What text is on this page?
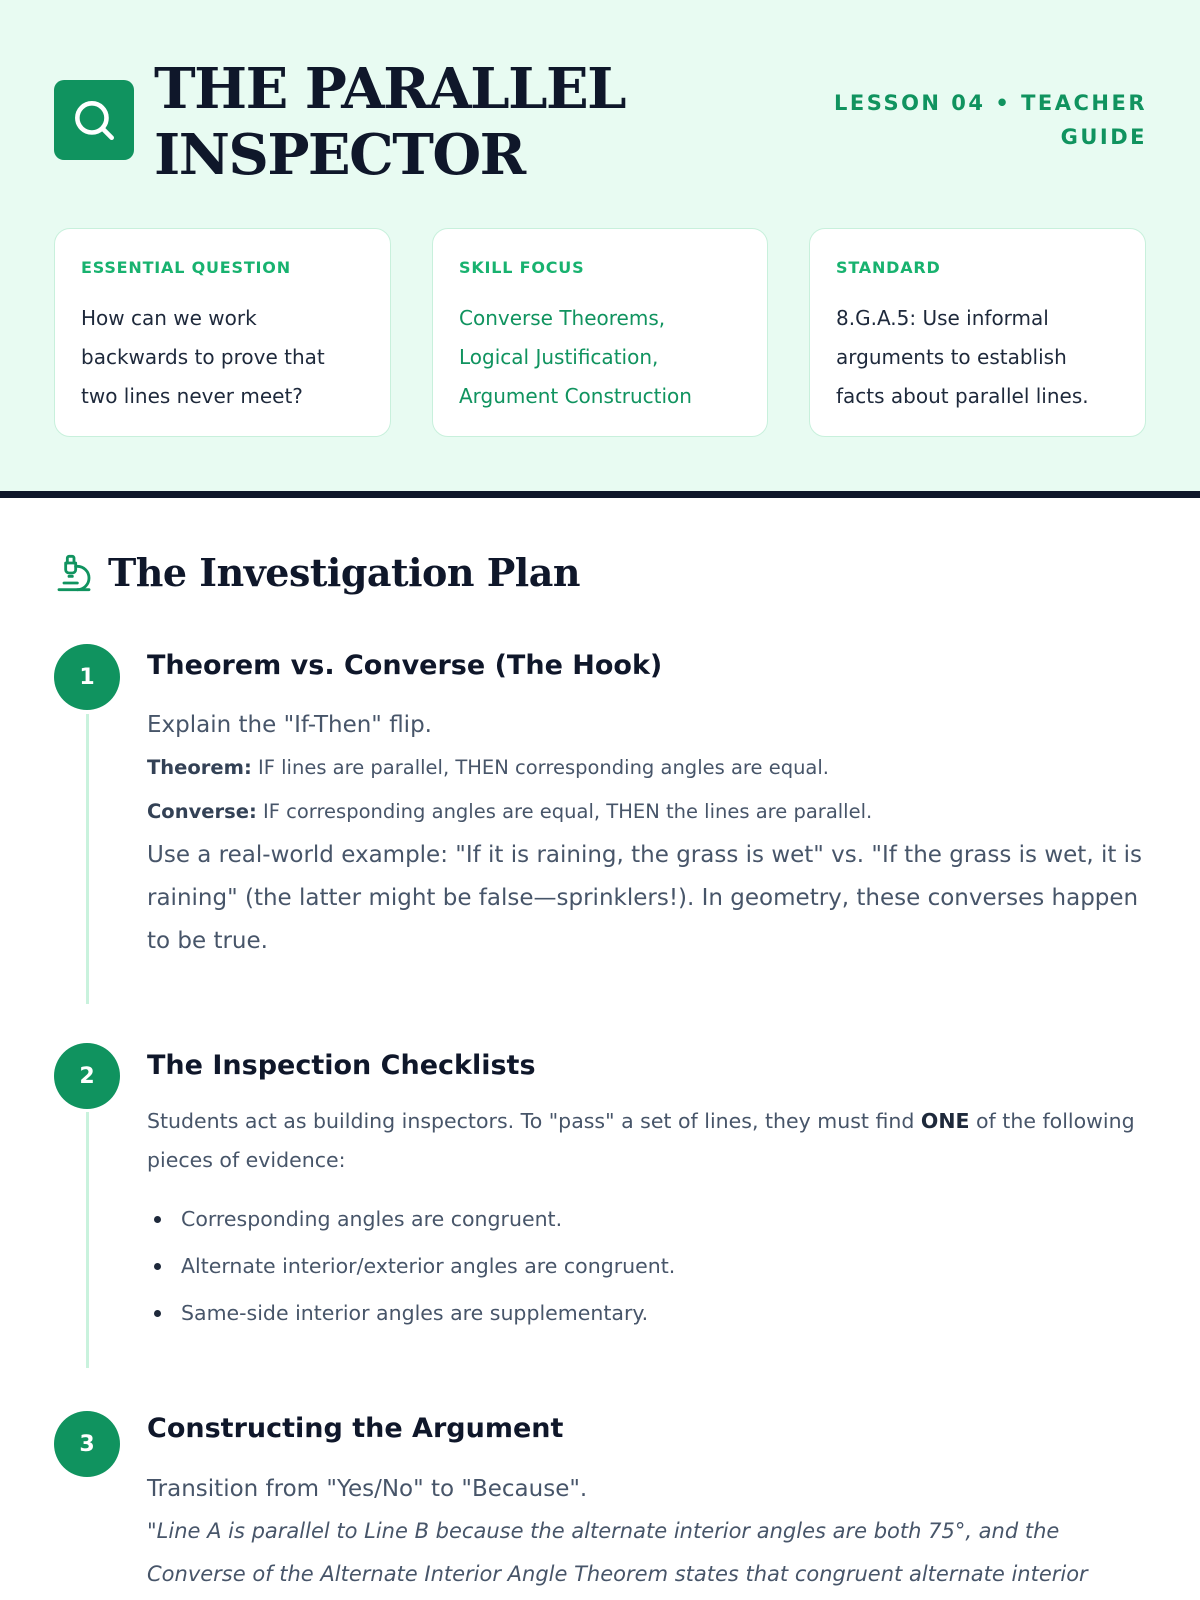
THE PARALLEL
INSPECTOR
LESSON 04 • TEACHER GUIDE
ESSENTIAL QUESTION
How can we work backwards to prove that two lines never meet?
SKILL FOCUS
Converse Theorems, Logical Justification, Argument Construction
STANDARD
8.G.A.5: Use informal arguments to establish facts about parallel lines.
The Investigation Plan
1	Theorem vs. Converse (The Hook)

Explain the "If-Then" flip.

Theorem: IF lines are parallel, THEN corresponding angles are equal.

Converse: IF corresponding angles are equal, THEN the lines are parallel.

Use a real-world example: "If it is raining, the grass is wet" vs. "If the grass is wet, it is raining" (the latter might be false—sprinklers!). In geometry, these converses happen to be true.

2	The Inspection Checklists

Students act as building inspectors. To "pass" a set of lines, they must find ONE of the following pieces of evidence:

Corresponding angles are congruent.
Alternate interior/exterior angles are congruent.
Same-side interior angles are supplementary.
3	Constructing the Argument

Transition from "Yes/No" to "Because".

"Line A is parallel to Line B because the alternate interior angles are both 75°, and the Converse of the Alternate Interior Angle Theorem states that congruent alternate interior
